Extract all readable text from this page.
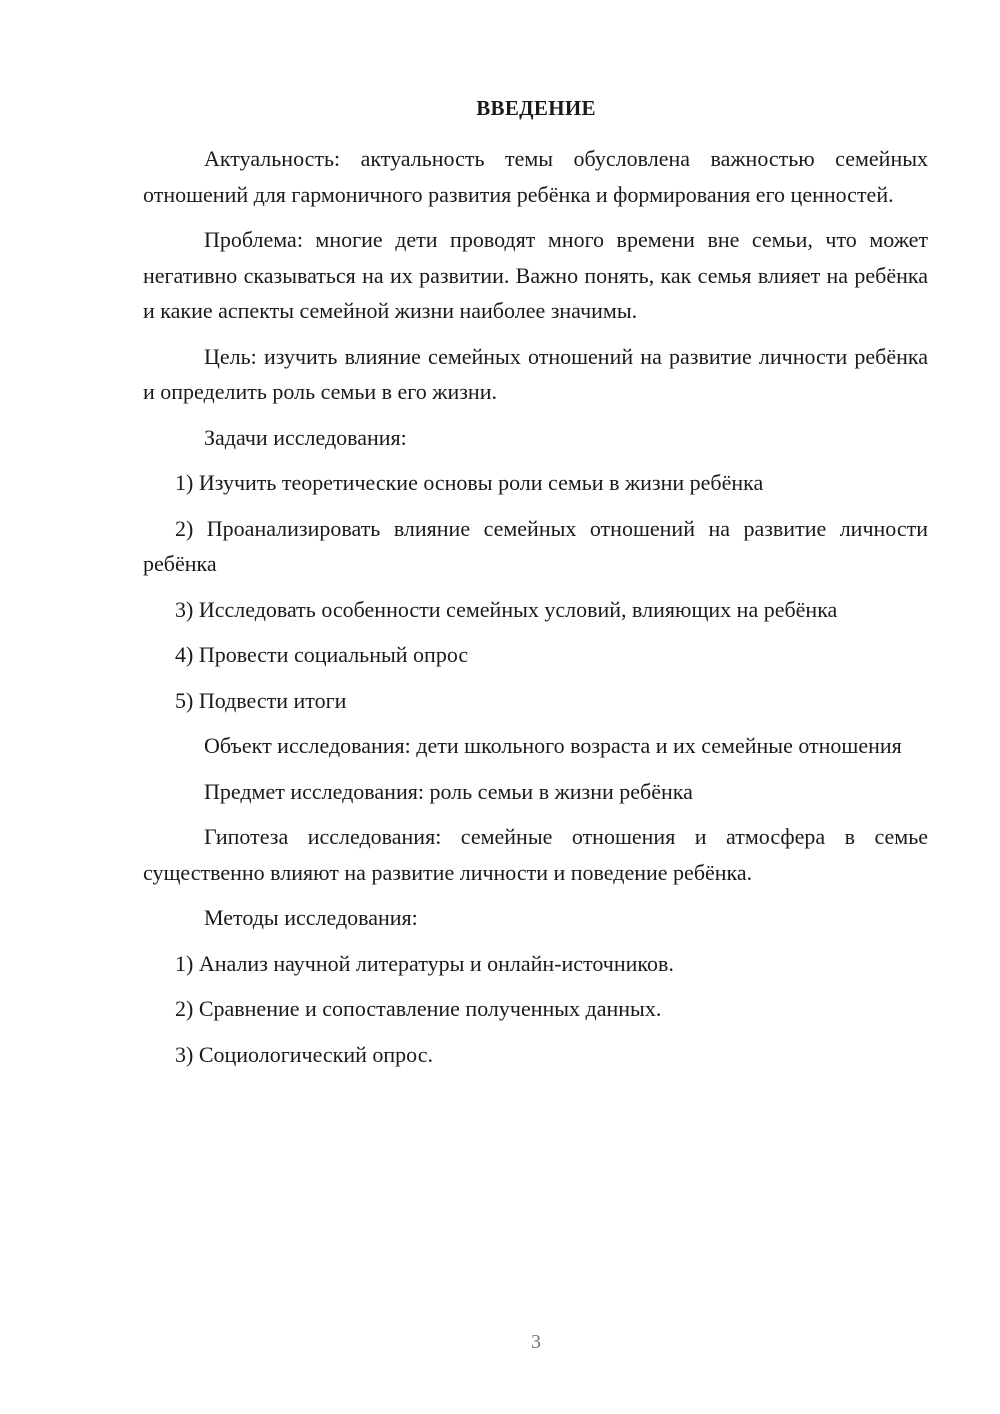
ВВЕДЕНИЕ

Актуальность: актуальность темы обусловлена важностью семейных отношений для гармоничного развития ребёнка и формирования его ценностей.

Проблема: многие дети проводят много времени вне семьи, что может негативно сказываться на их развитии. Важно понять, как семья влияет на ребёнка и какие аспекты семейной жизни наиболее значимы.

Цель: изучить влияние семейных отношений на развитие личности ребёнка и определить роль семьи в его жизни.

Задачи исследования:

1) Изучить теоретические основы роли семьи в жизни ребёнка

2) Проанализировать влияние семейных отношений на развитие личности ребёнка

3) Исследовать особенности семейных условий, влияющих на ребёнка

4) Провести социальный опрос

5) Подвести итоги

Объект исследования: дети школьного возраста и их семейные отношения

Предмет исследования: роль семьи в жизни ребёнка

Гипотеза исследования: семейные отношения и атмосфера в семье существенно влияют на развитие личности и поведение ребёнка.

Методы исследования:

1) Анализ научной литературы и онлайн-источников.

2) Сравнение и сопоставление полученных данных.

3) Социологический опрос.

3
